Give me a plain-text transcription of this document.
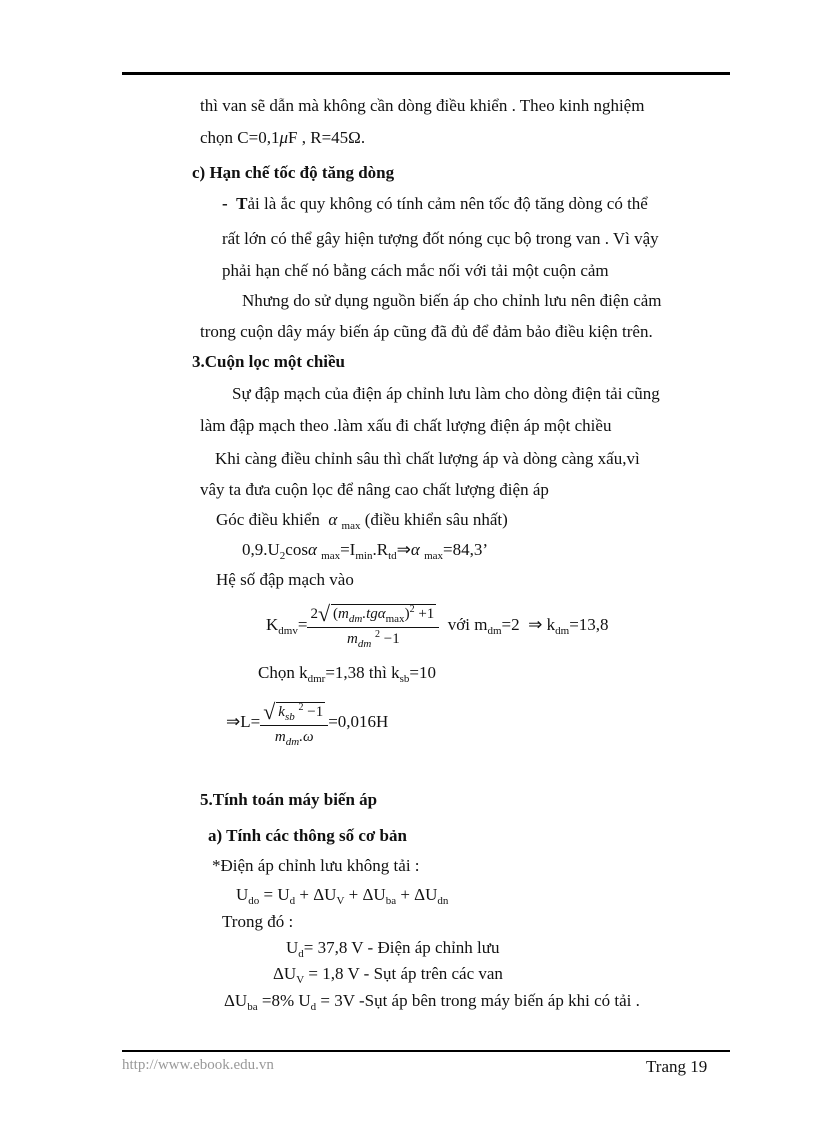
thì van sẽ dẫn mà không cần dòng điều khiển . Theo kinh nghiệm
chọn C=0,1μF , R=45Ω.
c) Hạn chế tốc độ tăng dòng
- Tải là ắc quy không có tính cảm nên tốc độ tăng dòng có thể
rất lớn có thể gây hiện tượng đốt nóng cục bộ trong van . Vì vậy
phải hạn chế nó bằng cách mắc nối với tải một cuộn cảm
Nhưng do sử dụng nguồn biến áp cho chỉnh lưu nên điện cảm
trong cuộn dây máy biến áp cũng đã đủ để đảm bảo điều kiện trên.
3.Cuộn lọc một chiều
Sự đập mạch của điện áp chỉnh lưu làm cho dòng điện tải cũng
làm đập mạch theo .làm xấu đi chất lượng điện áp một chiều
Khi càng điều chỉnh sâu thì chất lượng áp và dòng càng xấu,vì
vây ta đưa cuộn lọc để nâng cao chất lượng điện áp
Góc điều khiển α $_{max}$ (điều khiển sâu nhất)
$0,9.U_2\cos\alpha$ $_{max}=I_{min}.R_{td}\Rightarrow\alpha$ $_{max}$=84,3’
Hệ số đập mạch vào
$K_{dmv}= \frac{2√ (m_{dm}.tg\alpha_{max})^2 +1}{m_{dm} ^2 -1}$ với $m_{dm}=2$ ⇒ $k_{dm}=13,8$
Chọn $k_{dmr}=1,38$ thì $k_{sb}=10$
⇒L= $\frac{√ k_{sb} ^2 -1}{m_{dm}.\omega} =0,016H$
5.Tính toán máy biến áp
a) Tính các thông số cơ bản
*Điện áp chỉnh lưu không tải :
$U_{do} = U_d + \Delta U_V + \Delta U_{ba} + \Delta U_{dn}$
Trong đó :
$U_d= 37,8$ V - Điện áp chỉnh lưu
$\Delta U_V = 1,8$ V - Sụt áp trên các van
$\Delta U_{ba} =8\%$ $U_d = 3V$ -Sụt áp bên trong máy biến áp khi có tải .
http://www.ebook.edu.vn	Trang 19
